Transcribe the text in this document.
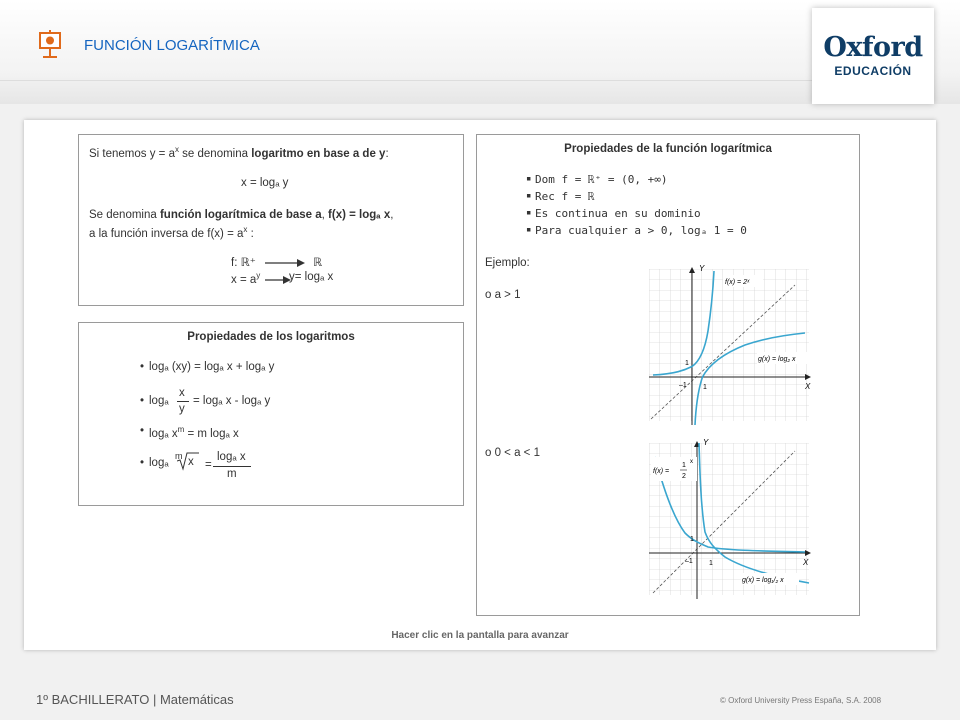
FUNCIÓN LOGARÍTMICA	Oxford
EDUCACIÓN
Si tenemos $y = a^x$ se denomina logaritmo en base a de y:
x = logₐ y
Se denomina función logarítmica de base a, f(x) = logₐ x,
a la función inversa de $f(x) = a^x$ :
f: ℝ⁺	ℝ
$x = a^y$ y= logₐ x
Propiedades de los logaritmos
• logₐ (xy) = logₐ x + logₐ y
• logₐ
x
y
= logₐ x - logₐ y
• logₐ $x^m = m$ logₐ x
• logₐ
m x =
logₐ x
m
Propiedades de la función logarítmica
▪ Dom f = ℝ⁺ = (0, +∞)
▪ Rec f = ℝ
▪ Es continua en su dominio
▪ Para cualquier a > 0, logₐ 1 = 0
Ejemplo:
o a > 1
o 0 < a < 1
Y
X
1
1
–1
f(x) = 2ˣ
g(x) = log₂ x
Y
X
1
1
–1
f(x) =
1
2
x
g(x) = log₁/₂ x
Hacer clic en la pantalla para avanzar
1º BACHILLERATO | Matemáticas	© Oxford University Press España, S.A. 2008
